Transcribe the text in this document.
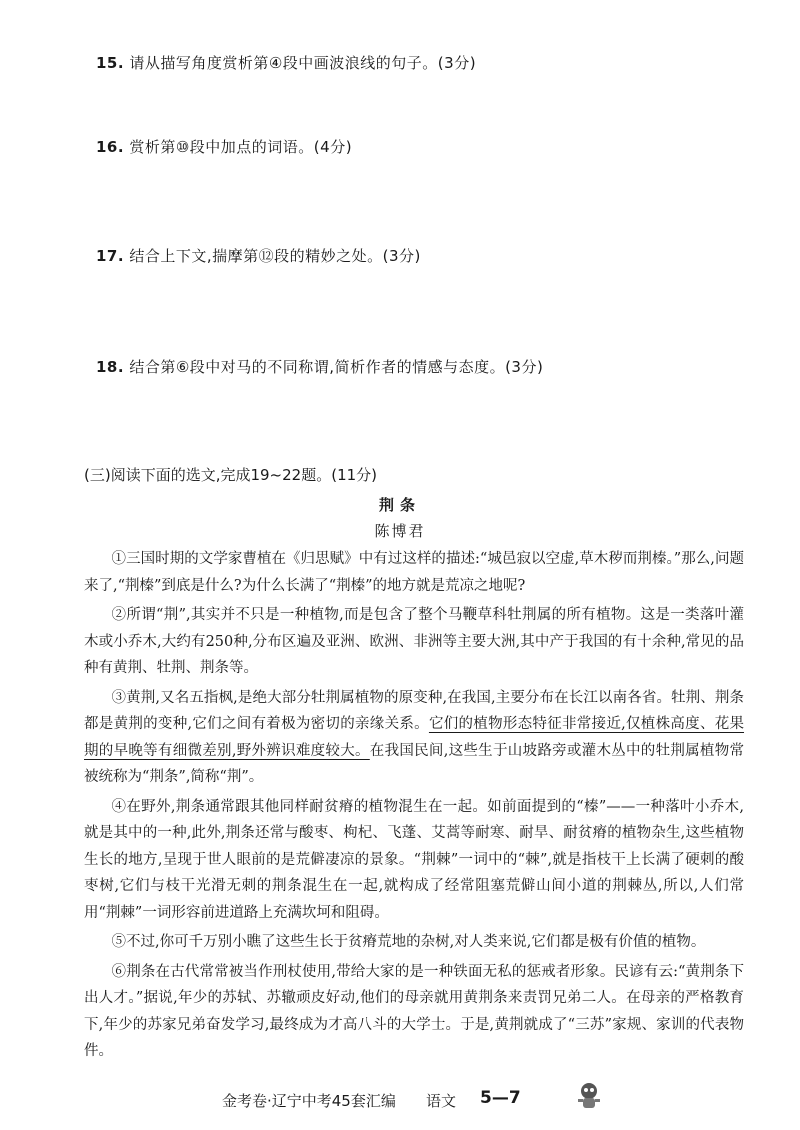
15. 请从描写角度赏析第④段中画波浪线的句子。(3分)
16. 赏析第⑩段中加点的词语。(4分)
17. 结合上下文,揣摩第⑫段的精妙之处。(3分)
18. 结合第⑥段中对马的不同称谓,简析作者的情感与态度。(3分)
(三)阅读下面的选文,完成19~22题。(11分)
荆条
陈博君

①三国时期的文学家曹植在《归思赋》中有过这样的描述:“城邑寂以空虚,草木秽而荆榛。”那么,问题来了,“荆榛”到底是什么?为什么长满了“荆榛”的地方就是荒凉之地呢?

②所谓“荆”,其实并不只是一种植物,而是包含了整个马鞭草科牡荆属的所有植物。这是一类落叶灌木或小乔木,大约有250种,分布区遍及亚洲、欧洲、非洲等主要大洲,其中产于我国的有十余种,常见的品种有黄荆、牡荆、荆条等。

③黄荆,又名五指枫,是绝大部分牡荆属植物的原变种,在我国,主要分布在长江以南各省。牡荆、荆条都是黄荆的变种,它们之间有着极为密切的亲缘关系。它们的植物形态特征非常接近,仅植株高度、花果期的早晚等有细微差别,野外辨识难度较大。在我国民间,这些生于山坡路旁或灌木丛中的牡荆属植物常被统称为“荆条”,简称“荆”。

④在野外,荆条通常跟其他同样耐贫瘠的植物混生在一起。如前面提到的“榛”——一种落叶小乔木,就是其中的一种,此外,荆条还常与酸枣、枸杞、飞蓬、艾蒿等耐寒、耐旱、耐贫瘠的植物杂生,这些植物生长的地方,呈现于世人眼前的是荒僻凄凉的景象。“荆棘”一词中的“棘”,就是指枝干上长满了硬刺的酸枣树,它们与枝干光滑无刺的荆条混生在一起,就构成了经常阻塞荒僻山间小道的荆棘丛,所以,人们常用“荆棘”一词形容前进道路上充满坎坷和阻碍。

⑤不过,你可千万别小瞧了这些生长于贫瘠荒地的杂树,对人类来说,它们都是极有价值的植物。

⑥荆条在古代常常被当作刑杖使用,带给大家的是一种铁面无私的惩戒者形象。民谚有云:“黄荆条下出人才。”据说,年少的苏轼、苏辙顽皮好动,他们的母亲就用黄荆条来责罚兄弟二人。在母亲的严格教育下,年少的苏家兄弟奋发学习,最终成为才高八斗的大学士。于是,黄荆就成了“三苏”家规、家训的代表物件。

金考卷·辽宁中考45套汇编 语文 5—7
